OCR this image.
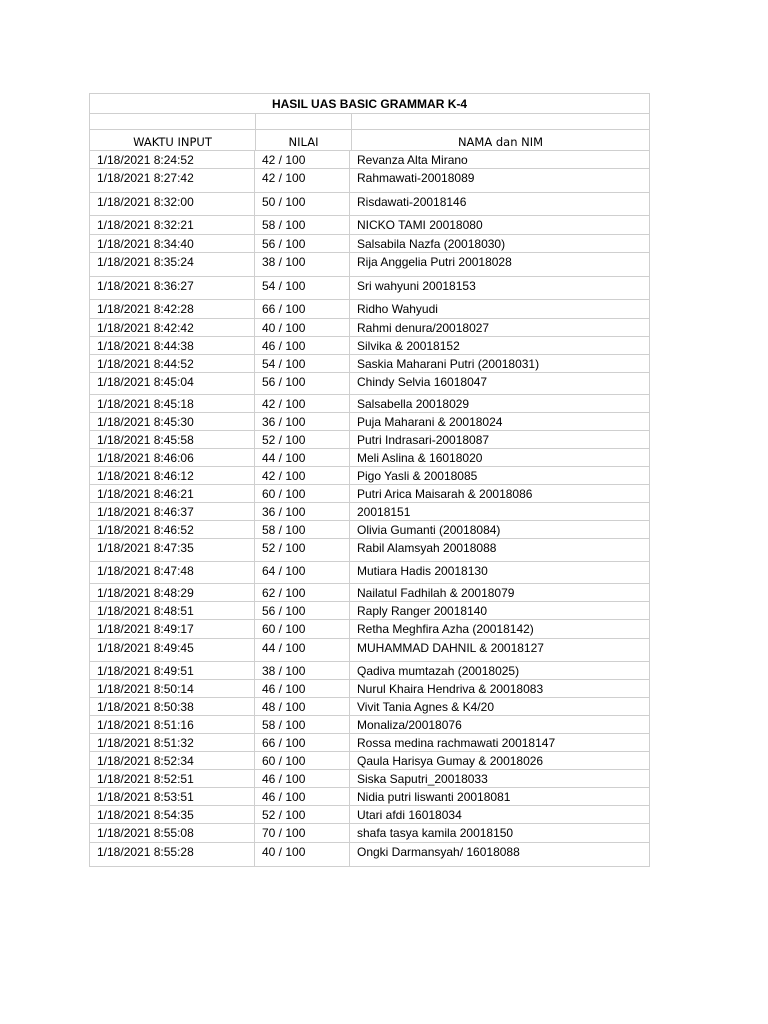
HASIL UAS BASIC GRAMMAR K-4
WAKTU INPUT	NILAI	NAMA dan NIM
1/18/2021 8:24:52	42 / 100	Revanza Alta Mirano
1/18/2021 8:27:42	42 / 100	Rahmawati-20018089
1/18/2021 8:32:00	50 / 100	Risdawati-20018146
1/18/2021 8:32:21	58 / 100	NICKO TAMI 20018080
1/18/2021 8:34:40	56 / 100	Salsabila Nazfa (20018030)
1/18/2021 8:35:24	38 / 100	Rija Anggelia Putri 20018028
1/18/2021 8:36:27	54 / 100	Sri wahyuni 20018153
1/18/2021 8:42:28	66 / 100	Ridho Wahyudi
1/18/2021 8:42:42	40 / 100	Rahmi denura/20018027
1/18/2021 8:44:38	46 / 100	Silvika & 20018152
1/18/2021 8:44:52	54 / 100	Saskia Maharani Putri (20018031)
1/18/2021 8:45:04	56 / 100	Chindy Selvia 16018047
1/18/2021 8:45:18	42 / 100	Salsabella 20018029
1/18/2021 8:45:30	36 / 100	Puja Maharani & 20018024
1/18/2021 8:45:58	52 / 100	Putri Indrasari-20018087
1/18/2021 8:46:06	44 / 100	Meli Aslina & 16018020
1/18/2021 8:46:12	42 / 100	Pigo Yasli & 20018085
1/18/2021 8:46:21	60 / 100	Putri Arica Maisarah & 20018086
1/18/2021 8:46:37	36 / 100	20018151
1/18/2021 8:46:52	58 / 100	Olivia Gumanti (20018084)
1/18/2021 8:47:35	52 / 100	Rabil Alamsyah 20018088
1/18/2021 8:47:48	64 / 100	Mutiara Hadis 20018130
1/18/2021 8:48:29	62 / 100	Nailatul Fadhilah & 20018079
1/18/2021 8:48:51	56 / 100	Raply Ranger 20018140
1/18/2021 8:49:17	60 / 100	Retha Meghfira Azha (20018142)
1/18/2021 8:49:45	44 / 100	MUHAMMAD DAHNIL & 20018127
1/18/2021 8:49:51	38 / 100	Qadiva mumtazah (20018025)
1/18/2021 8:50:14	46 / 100	Nurul Khaira Hendriva & 20018083
1/18/2021 8:50:38	48 / 100	Vivit Tania Agnes & K4/20
1/18/2021 8:51:16	58 / 100	Monaliza/20018076
1/18/2021 8:51:32	66 / 100	Rossa medina rachmawati 20018147
1/18/2021 8:52:34	60 / 100	Qaula Harisya Gumay & 20018026
1/18/2021 8:52:51	46 / 100	Siska Saputri_20018033
1/18/2021 8:53:51	46 / 100	Nidia putri liswanti 20018081
1/18/2021 8:54:35	52 / 100	Utari afdi 16018034
1/18/2021 8:55:08	70 / 100	shafa tasya kamila 20018150
1/18/2021 8:55:28	40 / 100	Ongki Darmansyah/ 16018088
